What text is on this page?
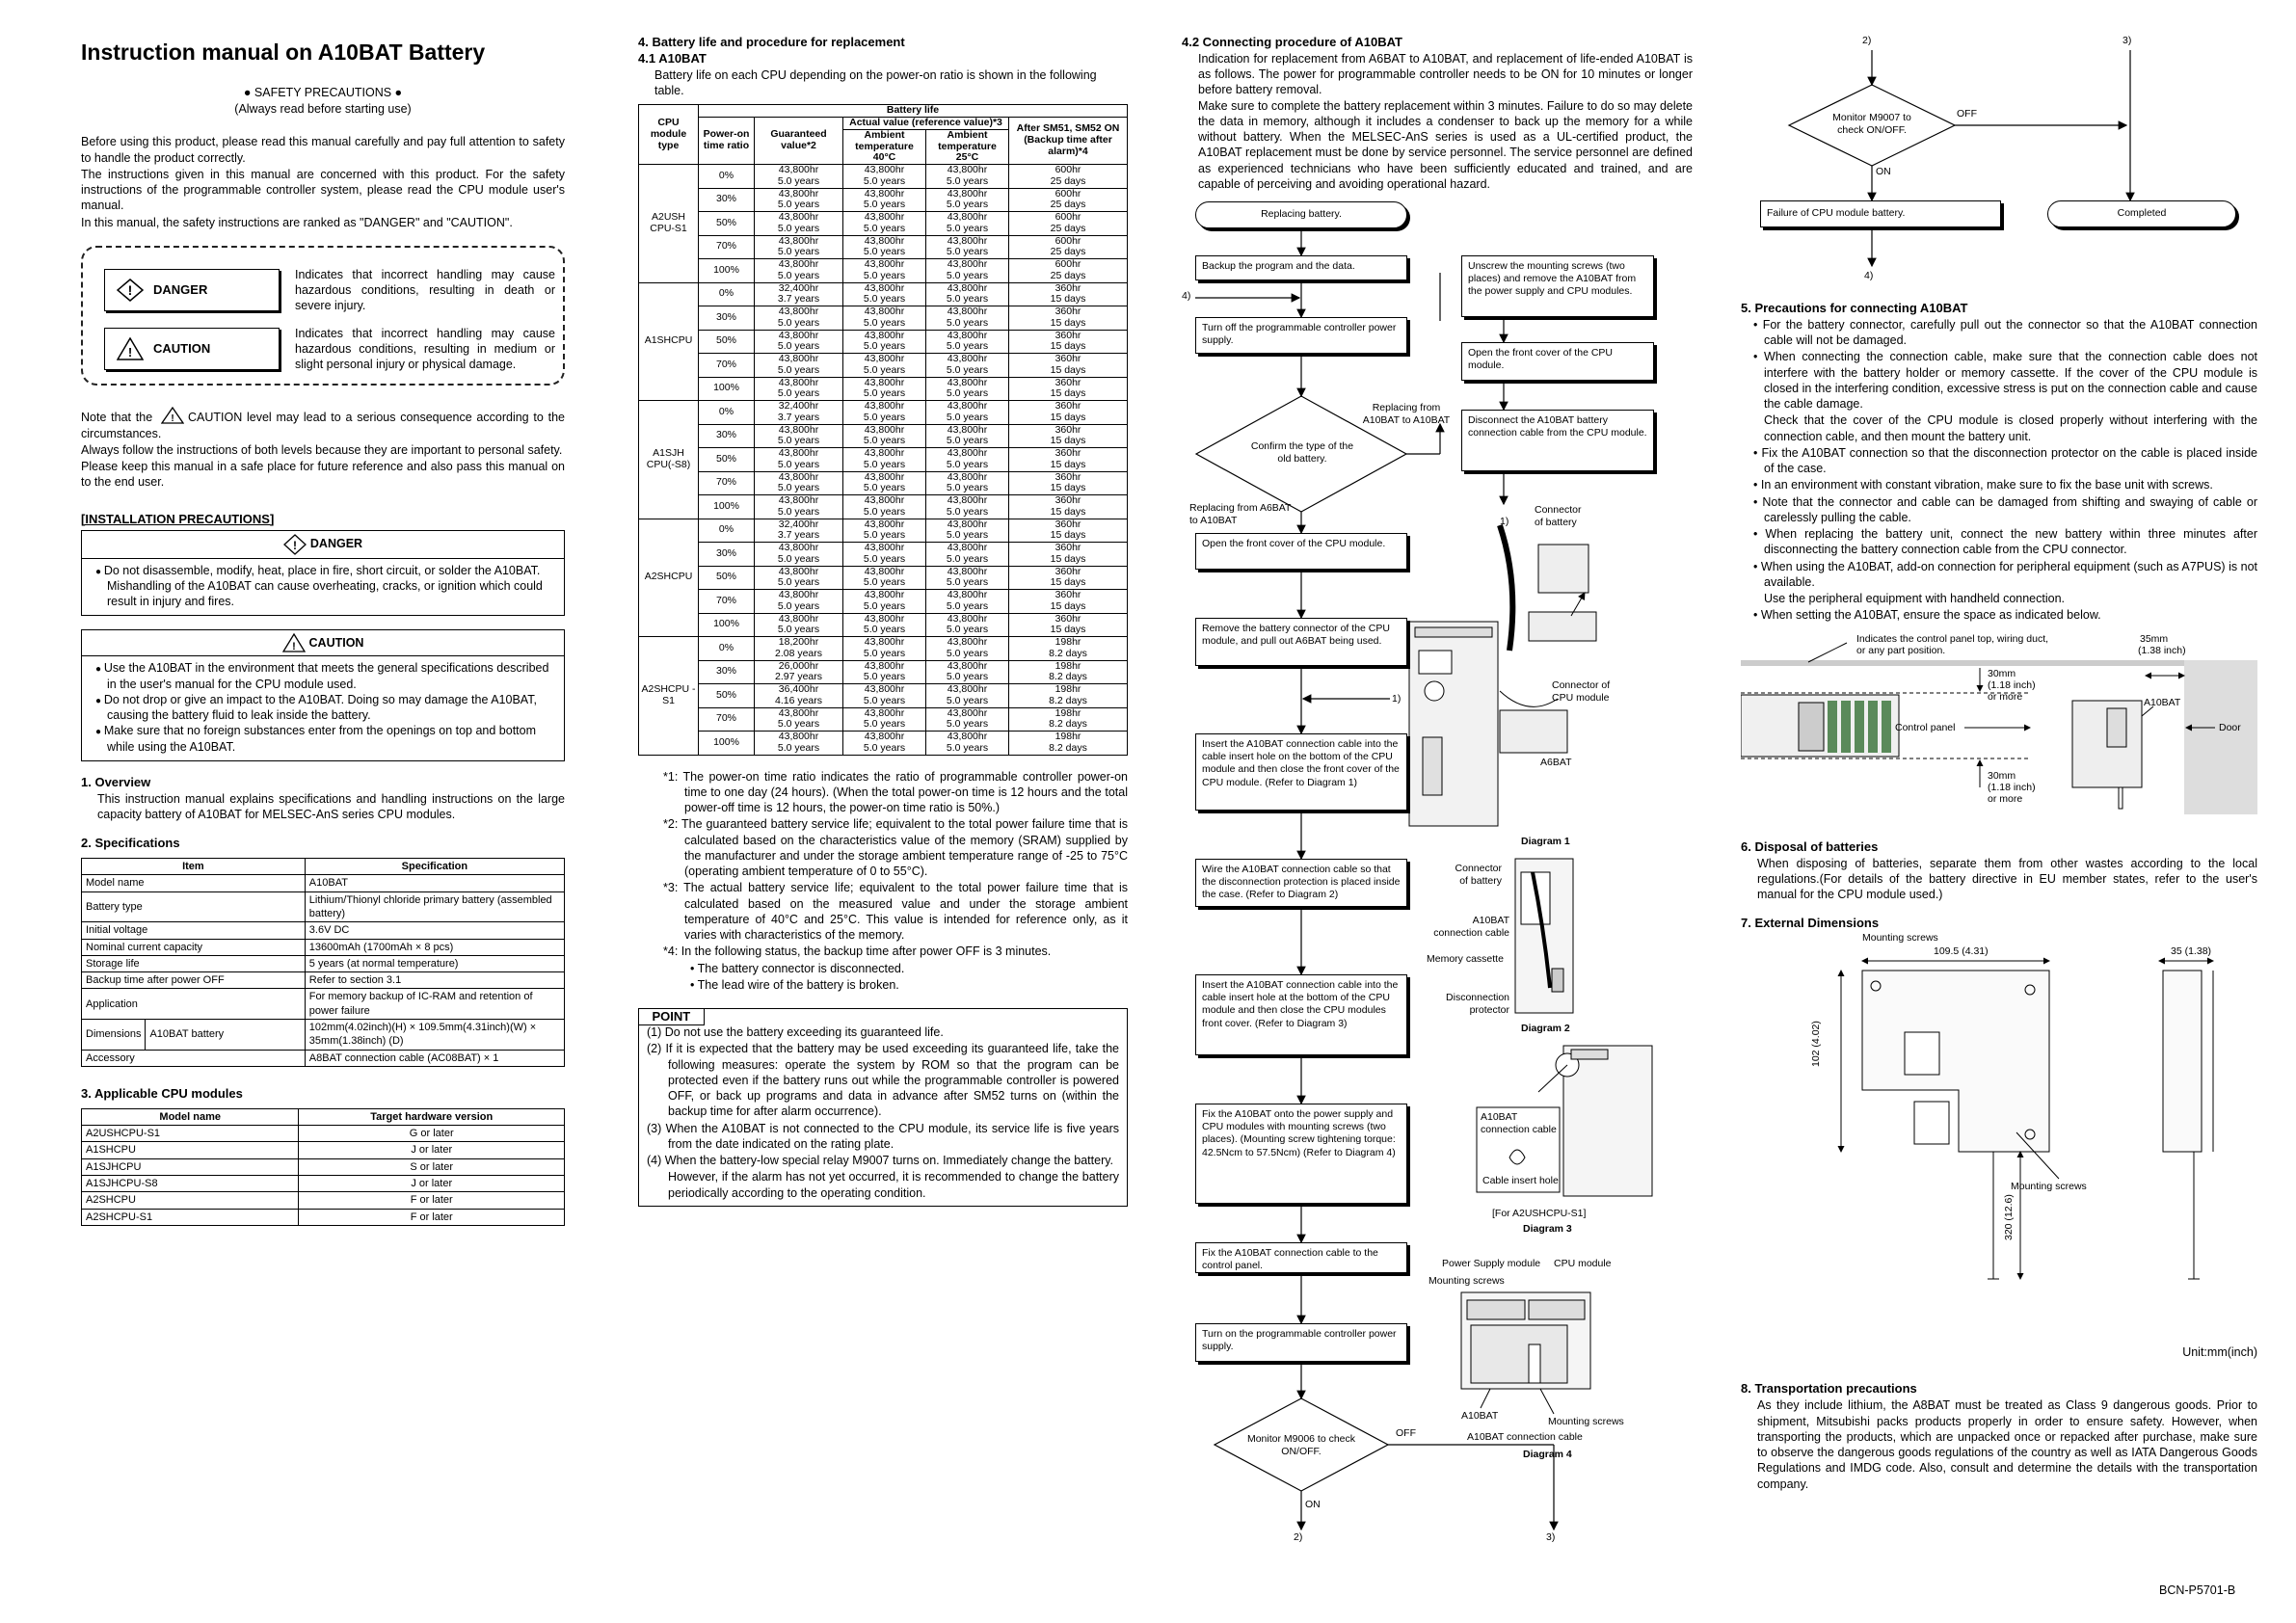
Instruction manual on A10BAT Battery

● SAFETY PRECAUTIONS ●

(Always read before starting use)

Before using this product, please read this manual carefully and pay full attention to safety to handle the product correctly.

The instructions given in this manual are concerned with this product. For the safety instructions of the programmable controller system, please read the CPU module user's manual.

In this manual, the safety instructions are ranked as "DANGER" and "CAUTION".

! DANGER
Indicates that incorrect handling may cause hazardous conditions, resulting in death or severe injury.
! CAUTION
Indicates that incorrect handling may cause hazardous conditions, resulting in medium or slight personal injury or physical damage.

Note that the ! CAUTION level may lead to a serious consequence according to the circumstances.

Always follow the instructions of both levels because they are important to personal safety.

Please keep this manual in a safe place for future reference and also pass this manual on to the end user.

[INSTALLATION PRECAUTIONS]
! DANGER
● Do not disassemble, modify, heat, place in fire, short circuit, or solder the A10BAT.
Mishandling of the A10BAT can cause overheating, cracks, or ignition which could result in injury and fires.
! CAUTION
● Use the A10BAT in the environment that meets the general specifications described in the user's manual for the CPU module used.
● Do not drop or give an impact to the A10BAT. Doing so may damage the A10BAT, causing the battery fluid to leak inside the battery.
● Make sure that no foreign substances enter from the openings on top and bottom while using the A10BAT.
1. Overview

This instruction manual explains specifications and handling instructions on the large capacity battery of A10BAT for MELSEC-AnS series CPU modules.

2. Specifications
Item		Specification
Model name		A10BAT
Battery type		Lithium/Thionyl chloride primary battery (assembled battery)
Initial voltage		3.6V DC
Nominal current capacity		13600mAh (1700mAh × 8 pcs)
Storage life		5 years (at normal temperature)
Backup time after power OFF		Refer to section 3.1
Application		For memory backup of IC-RAM and retention of power failure
Dimensions	A10BAT battery	102mm(4.02inch)(H) × 109.5mm(4.31inch)(W) × 35mm(1.38inch) (D)
Accessory		A8BAT connection cable (AC08BAT) × 1
3. Applicable CPU modules
Model name	Target hardware version
A2USHCPU-S1	G or later
A1SHCPU	J or later
A1SJHCPU	S or later
A1SJHCPU-S8	J or later
A2SHCPU	F or later
A2SHCPU-S1	F or later
4. Battery life and procedure for replacement
4.1 A10BAT

Battery life on each CPU depending on the power-on ratio is shown in the following table.

CPU module type	Battery life				
	Power-on time ratio	Guaranteed value*2	Actual value (reference value)*3		After SM51, SM52 ON (Backup time after alarm)*4
			Ambient temperature 40°C	Ambient temperature 25°C	

A2USH CPU-S1	0%	43,800hr	43,800hr	43,800hr	600hr
		5.0 years	5.0 years	5.0 years	25 days
	30%	43,800hr	43,800hr	43,800hr	600hr
		5.0 years	5.0 years	5.0 years	25 days
	50%	43,800hr	43,800hr	43,800hr	600hr
		5.0 years	5.0 years	5.0 years	25 days
	70%	43,800hr	43,800hr	43,800hr	600hr
		5.0 years	5.0 years	5.0 years	25 days
	100%	43,800hr	43,800hr	43,800hr	600hr
		5.0 years	5.0 years	5.0 years	25 days
A1SHCPU	0%	32,400hr	43,800hr	43,800hr	360hr
		3.7 years	5.0 years	5.0 years	15 days
	30%	43,800hr	43,800hr	43,800hr	360hr
		5.0 years	5.0 years	5.0 years	15 days
	50%	43,800hr	43,800hr	43,800hr	360hr
		5.0 years	5.0 years	5.0 years	15 days
	70%	43,800hr	43,800hr	43,800hr	360hr
		5.0 years	5.0 years	5.0 years	15 days
	100%	43,800hr	43,800hr	43,800hr	360hr
		5.0 years	5.0 years	5.0 years	15 days
A1SJH CPU(-S8)	0%	32,400hr	43,800hr	43,800hr	360hr
		3.7 years	5.0 years	5.0 years	15 days
	30%	43,800hr	43,800hr	43,800hr	360hr
		5.0 years	5.0 years	5.0 years	15 days
	50%	43,800hr	43,800hr	43,800hr	360hr
		5.0 years	5.0 years	5.0 years	15 days
	70%	43,800hr	43,800hr	43,800hr	360hr
		5.0 years	5.0 years	5.0 years	15 days
	100%	43,800hr	43,800hr	43,800hr	360hr
		5.0 years	5.0 years	5.0 years	15 days
A2SHCPU	0%	32,400hr	43,800hr	43,800hr	360hr
		3.7 years	5.0 years	5.0 years	15 days
	30%	43,800hr	43,800hr	43,800hr	360hr
		5.0 years	5.0 years	5.0 years	15 days
	50%	43,800hr	43,800hr	43,800hr	360hr
		5.0 years	5.0 years	5.0 years	15 days
	70%	43,800hr	43,800hr	43,800hr	360hr
		5.0 years	5.0 years	5.0 years	15 days
	100%	43,800hr	43,800hr	43,800hr	360hr
		5.0 years	5.0 years	5.0 years	15 days
A2SHCPU -S1	0%	18,200hr	43,800hr	43,800hr	198hr
		2.08 years	5.0 years	5.0 years	8.2 days
	30%	26,000hr	43,800hr	43,800hr	198hr
		2.97 years	5.0 years	5.0 years	8.2 days
	50%	36,400hr	43,800hr	43,800hr	198hr
		4.16 years	5.0 years	5.0 years	8.2 days
	70%	43,800hr	43,800hr	43,800hr	198hr
		5.0 years	5.0 years	5.0 years	8.2 days
	100%	43,800hr	43,800hr	43,800hr	198hr
		5.0 years	5.0 years	5.0 years	8.2 days

*1: The power-on time ratio indicates the ratio of programmable controller power-on time to one day (24 hours). (When the total power-on time is 12 hours and the total power-off time is 12 hours, the power-on time ratio is 50%.)

*2: The guaranteed battery service life; equivalent to the total power failure time that is calculated based on the characteristics value of the memory (SRAM) supplied by the manufacturer and under the storage ambient temperature range of -25 to 75°C (operating ambient temperature of 0 to 55°C).

*3: The actual battery service life; equivalent to the total power failure time that is calculated based on the measured value and under the storage ambient temperature of 40°C and 25°C. This value is intended for reference only, as it varies with characteristics of the memory.

*4: In the following status, the backup time after power OFF is 3 minutes.

• The battery connector is disconnected.

• The lead wire of the battery is broken.

POINT

(1) Do not use the battery exceeding its guaranteed life.

(2) If it is expected that the battery may be used exceeding its guaranteed life, take the following measures: operate the system by ROM so that the program can be protected even if the battery runs out while the programmable controller is powered OFF, or back up programs and data in advance after SM52 turns on (within the backup time for after alarm occurrence).

(3) When the A10BAT is not connected to the CPU module, its service life is five years from the date indicated on the rating plate.

(4) When the battery-low special relay M9007 turns on. Immediately change the battery.

However, if the alarm has not yet occurred, it is recommended to change the battery periodically according to the operating condition.

4.2 Connecting procedure of A10BAT

Indication for replacement from A6BAT to A10BAT, and replacement of life-ended A10BAT is as follows. The power for programmable controller needs to be ON for 10 minutes or longer before battery removal.
Make sure to complete the battery replacement within 3 minutes. Failure to do so may delete the data in memory, although it includes a condenser to back up the memory for a while without battery. When the MELSEC-AnS series is used as a UL-certified product, the A10BAT replacement must be done by service personnel. The service personnel are defined as experienced technicians who have been sufficiently educated and trained, and are capable of perceiving and avoiding operational hazard.

Replacing battery.
Backup the program and the data.
Turn off the programmable controller power supply.
Confirm the type of the old battery.
Replacing from A10BAT to A10BAT
Replacing from A6BAT to A10BAT
Open the front cover of the CPU module.
Remove the battery connector of the CPU module, and pull out A6BAT being used.
Insert the A10BAT connection cable into the cable insert hole on the bottom of the CPU module and then close the front cover of the CPU module. (Refer to Diagram 1)
Wire the A10BAT connection cable so that the disconnection protection is placed inside the case. (Refer to Diagram 2)
Insert the A10BAT connection cable into the cable insert hole at the bottom of the CPU module and then close the CPU modules front cover. (Refer to Diagram 3)
Fix the A10BAT onto the power supply and CPU modules with mounting screws (two places). (Mounting screw tightening torque: 42.5Ncm to 57.5Ncm) (Refer to Diagram 4)
Fix the A10BAT connection cable to the control panel.
Turn on the programmable controller power supply.
Monitor M9006 to check ON/OFF.
OFF
ON
2)	3)
4)
1)
1)
Unscrew the mounting screws (two places) and remove the A10BAT from the power supply and CPU modules.
Open the front cover of the CPU module.
Disconnect the A10BAT battery connection cable from the CPU module.
Connector of battery
Connector of CPU module
A6BAT
Diagram 1
Connector of battery
A10BAT connection cable
Memory cassette
Disconnection protector
Diagram 2
A10BAT connection cable
Cable insert hole
[For A2USHCPU-S1]
Diagram 3
Power Supply module CPU module
Mounting screws
A10BAT	Mounting screws
A10BAT connection cable
Diagram 4
2)	3)
Monitor M9007 to check ON/OFF.
OFF
ON
Failure of CPU module battery.	Completed
4)
5. Precautions for connecting A10BAT

• For the battery connector, carefully pull out the connector so that the A10BAT connection cable will not be damaged.

• When connecting the connection cable, make sure that the connection cable does not interfere with the battery holder or memory cassette. If the cover of the CPU module is closed in the interfering condition, excessive stress is put on the connection cable and cause the cable damage.

Check that the cover of the CPU module is closed properly without interfering with the connection cable, and then mount the battery unit.

• Fix the A10BAT connection so that the disconnection protector on the cable is placed inside of the case.

• In an environment with constant vibration, make sure to fix the base unit with screws.

• Note that the connector and cable can be damaged from shifting and swaying of cable or carelessly pulling the cable.

• When replacing the battery unit, connect the new battery within three minutes after disconnecting the battery connection cable from the CPU connector.

• When using the A10BAT, add-on connection for peripheral equipment (such as A7PUS) is not available.

Use the peripheral equipment with handheld connection.

• When setting the A10BAT, ensure the space as indicated below.

Indicates the control panel top, wiring duct, or any part position.
35mm
(1.38 inch)
30mm
(1.18 inch)
or more
30mm
(1.18 inch)
or more
Control panel
A10BAT
Door
6. Disposal of batteries

When disposing of batteries, separate them from other wastes according to the local regulations.(For details of the battery directive in EU member states, refer to the user's manual for the CPU module used.)

7. External Dimensions
Mounting screws
109.5 (4.31)	35 (1.38)
102 (4.02)
320 (12.6)
Mounting screws

Unit:mm(inch)

8. Transportation precautions

As they include lithium, the A8BAT must be treated as Class 9 dangerous goods. Prior to shipment, Mitsubishi packs products properly in order to ensure safety. However, when transporting the products, which are unpacked once or repacked after purchase, make sure to observe the dangerous goods regulations of the country as well as IATA Dangerous Goods Regulations and IMDG code. Also, consult and determine the details with the transportation company.

BCN-P5701-B
